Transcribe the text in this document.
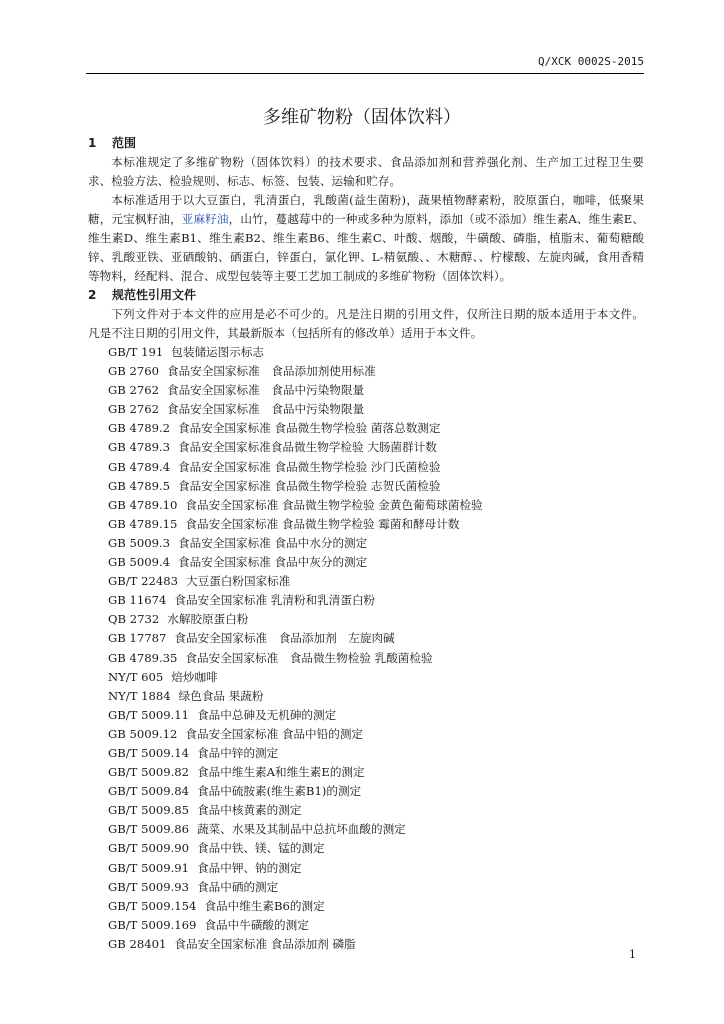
Q/XCK 0002S-2015
多维矿物粉（固体饮料）
1 范围

本标准规定了多维矿物粉（固体饮料）的技术要求、食品添加剂和营养强化剂、生产加工过程卫生要求、检验方法、检验规则、标志、标签、包装、运输和贮存。

本标准适用于以大豆蛋白，乳清蛋白，乳酸菌(益生菌粉)，蔬果植物酵素粉，胶原蛋白，咖啡，低聚果糖，元宝枫籽油，亚麻籽油，山竹，蔓越莓中的一种或多种为原料，添加（或不添加）维生素A、维生素E、维生素D、维生素B1、维生素B2、维生素B6、维生素C、叶酸、烟酸，牛磺酸、磷脂，植脂末、葡萄糖酸锌、乳酸亚铁、亚硒酸钠、硒蛋白，锌蛋白，氯化钾、L-精氨酸、、木糖醇、、柠檬酸、左旋肉碱，食用香精等物料，经配料、混合、成型包装等主要工艺加工制成的多维矿物粉（固体饮料）。

2 规范性引用文件

下列文件对于本文件的应用是必不可少的。凡是注日期的引用文件，仅所注日期的版本适用于本文件。凡是不注日期的引用文件，其最新版本（包括所有的修改单）适用于本文件。

GB/T 191 包装储运图示标志
GB 2760 食品安全国家标准　食品添加剂使用标准
GB 2762 食品安全国家标准　食品中污染物限量
GB 2762 食品安全国家标准　食品中污染物限量
GB 4789.2 食品安全国家标准 食品微生物学检验 菌落总数测定
GB 4789.3 食品安全国家标准食品微生物学检验 大肠菌群计数
GB 4789.4 食品安全国家标准 食品微生物学检验 沙门氏菌检验
GB 4789.5 食品安全国家标准 食品微生物学检验 志贺氏菌检验
GB 4789.10 食品安全国家标准 食品微生物学检验 金黄色葡萄球菌检验
GB 4789.15 食品安全国家标准 食品微生物学检验 霉菌和酵母计数
GB 5009.3 食品安全国家标准 食品中水分的测定
GB 5009.4 食品安全国家标准 食品中灰分的测定
GB/T 22483 大豆蛋白粉国家标准
GB 11674 食品安全国家标准 乳清粉和乳清蛋白粉
QB 2732 水解胶原蛋白粉
GB 17787 食品安全国家标准　食品添加剂　左旋肉碱
GB 4789.35 食品安全国家标准　食品微生物检验 乳酸菌检验
NY/T 605 焙炒咖啡
NY/T 1884 绿色食品 果蔬粉
GB/T 5009.11 食品中总砷及无机砷的测定
GB 5009.12 食品安全国家标准 食品中铅的测定
GB/T 5009.14 食品中锌的测定
GB/T 5009.82 食品中维生素A和维生素E的测定
GB/T 5009.84 食品中硫胺素(维生素B1)的测定
GB/T 5009.85 食品中核黄素的测定
GB/T 5009.86 蔬菜、水果及其制品中总抗坏血酸的测定
GB/T 5009.90 食品中铁、镁、锰的测定
GB/T 5009.91 食品中钾、钠的测定
GB/T 5009.93 食品中硒的测定
GB/T 5009.154 食品中维生素B6的测定
GB/T 5009.169 食品中牛磺酸的测定
GB 28401 食品安全国家标准 食品添加剂 磷脂
1
